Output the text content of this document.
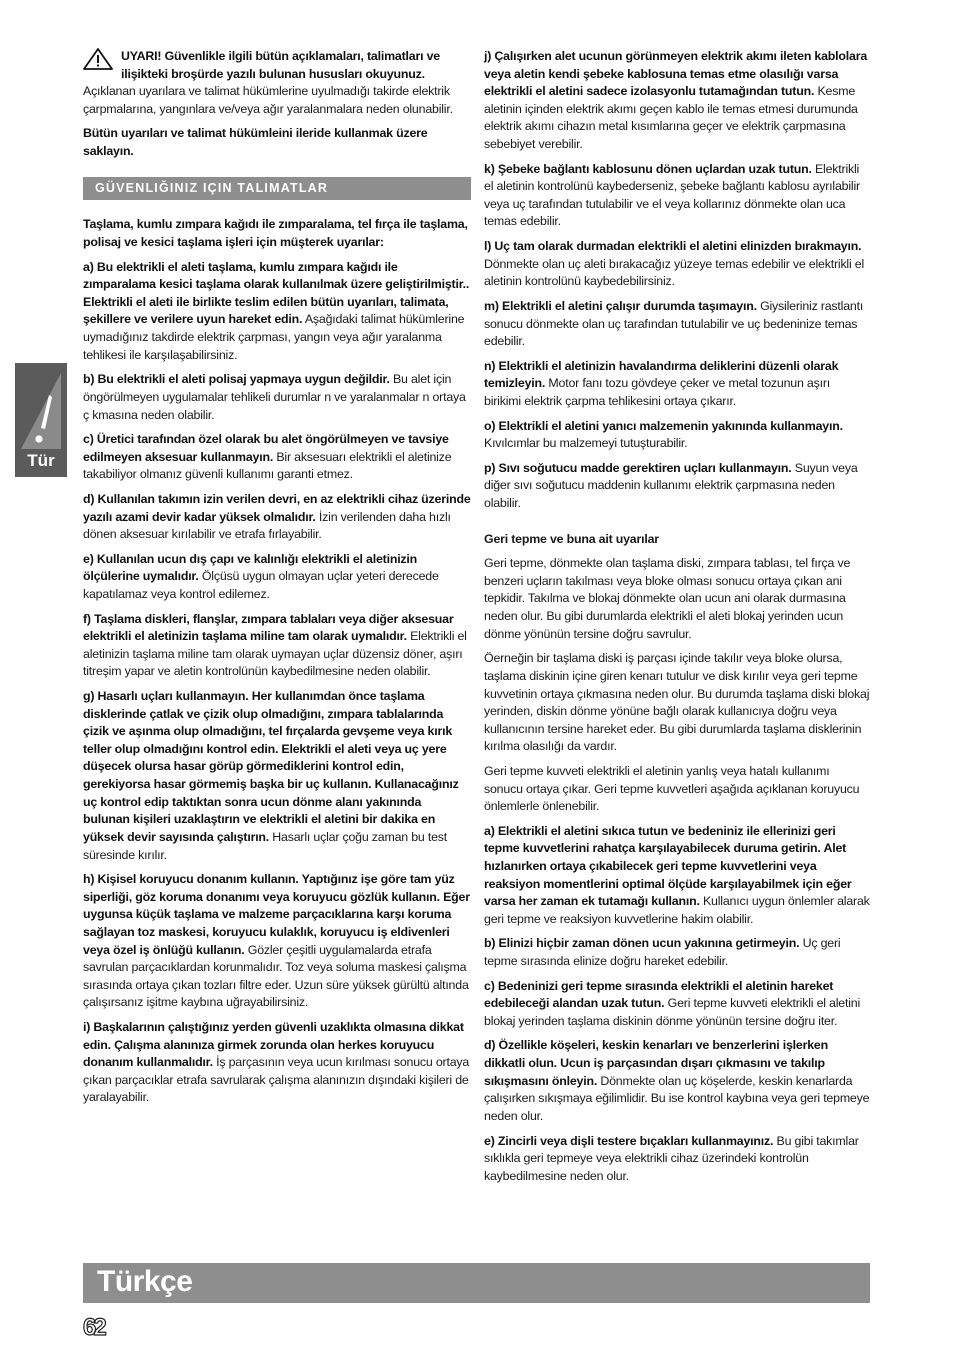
Tür

UYARI! Güvenlikle ilgili bütün açıklamaları, talimatları ve ilişikteki broşürde yazılı bulunan hususları okuyunuz.

Açıklanan uyarılara ve talimat hükümlerine uyulmadığı takirde elektrik çarpmalarına, yangınlara ve/veya ağır yaralanmalara neden olunabilir.

Bütün uyarıları ve talimat hükümleini ileride kullanmak üzere saklayın.

GÜVENLIĞINIZ IÇIN TALIMATLAR

Taşlama, kumlu zımpara kağıdı ile zımparalama, tel fırça ile taşlama, polisaj ve kesici taşlama işleri için müşterek uyarılar:

a) Bu elektrikli el aleti taşlama, kumlu zımpara kağıdı ile zımparalama kesici taşlama olarak kullanılmak üzere geliştirilmiştir.. Elektrikli el aleti ile birlikte teslim edilen bütün uyarıları, talimata, şekillere ve verilere uyun hareket edin. Aşağıdaki talimat hükümlerine uymadığınız takdirde elektrik çarpması, yangın veya ağır yaralanma tehlikesi ile karşılaşabilirsiniz.

b) Bu elektrikli el aleti polisaj yapmaya uygun değildir. Bu alet için öngörülmeyen uygulamalar tehlikeli durumlar n ve yaralanmalar n ortaya ç kmasına neden olabilir.

c) Üretici tarafından özel olarak bu alet öngörülmeyen ve tavsiye edilmeyen aksesuar kullanmayın. Bir aksesuarı elektrikli el aletinize takabiliyor olmanız güvenli kullanımı garanti etmez.

d) Kullanılan takımın izin verilen devri, en az elektrikli cihaz üzerinde yazılı azami devir kadar yüksek olmalıdır. İzin verilenden daha hızlı dönen aksesuar kırılabilir ve etrafa fırlayabilir.

e) Kullanılan ucun dış çapı ve kalınlığı elektrikli el aletinizin ölçülerine uymalıdır. Ölçüsü uygun olmayan uçlar yeteri derecede kapatılamaz veya kontrol edilemez.

f) Taşlama diskleri, flanşlar, zımpara tablaları veya diğer aksesuar elektrikli el aletinizin taşlama miline tam olarak uymalıdır. Elektrikli el aletinizin taşlama miline tam olarak uymayan uçlar düzensiz döner, aşırı titreşim yapar ve aletin kontrolünün kaybedilmesine neden olabilir.

g) Hasarlı uçları kullanmayın. Her kullanımdan önce taşlama disklerinde çatlak ve çizik olup olmadığını, zımpara tablalarında çizik ve aşınma olup olmadığını, tel fırçalarda gevşeme veya kırık teller olup olmadığını kontrol edin. Elektrikli el aleti veya uç yere düşecek olursa hasar görüp görmediklerini kontrol edin, gerekiyorsa hasar görmemiş başka bir uç kullanın. Kullanacağınız uç kontrol edip taktıktan sonra ucun dönme alanı yakınında bulunan kişileri uzaklaştırın ve elektrikli el aletini bir dakika en yüksek devir sayısında çalıştırın. Hasarlı uçlar çoğu zaman bu test süresinde kırılır.

h) Kişisel koruyucu donanım kullanın. Yaptığınız işe göre tam yüz siperliği, göz koruma donanımı veya koruyucu gözlük kullanın. Eğer uygunsa küçük taşlama ve malzeme parçacıklarına karşı koruma sağlayan toz maskesi, koruyucu kulaklık, koruyucu iş eldivenleri veya özel iş önlüğü kullanın. Gözler çeşitli uygulamalarda etrafa savrulan parçacıklardan korunmalıdır. Toz veya soluma maskesi çalışma sırasında ortaya çıkan tozları filtre eder. Uzun süre yüksek gürültü altında çalışırsanız işitme kaybına uğrayabilirsiniz.

i) Başkalarının çalıştığınız yerden güvenli uzaklıkta olmasına dikkat edin. Çalışma alanınıza girmek zorunda olan herkes koruyucu donanım kullanmalıdır. İş parçasının veya ucun kırılması sonucu ortaya çıkan parçacıklar etrafa savrularak çalışma alanınızın dışındaki kişileri de yaralayabilir.

j) Çalışırken alet ucunun görünmeyen elektrik akımı ileten kablolara veya aletin kendi şebeke kablosuna temas etme olasılığı varsa elektrikli el aletini sadece izolasyonlu tutamağından tutun. Kesme aletinin içinden elektrik akımı geçen kablo ile temas etmesi durumunda elektrik akımı cihazın metal kısımlarına geçer ve elektrik çarpmasına sebebiyet verebilir.

k) Şebeke bağlantı kablosunu dönen uçlardan uzak tutun. Elektrikli el aletinin kontrolünü kaybederseniz, şebeke bağlantı kablosu ayrılabilir veya uç tarafından tutulabilir ve el veya kollarınız dönmekte olan uca temas edebilir.

l) Uç tam olarak durmadan elektrikli el aletini elinizden bırakmayın. Dönmekte olan uç aleti bırakacağız yüzeye temas edebilir ve elektrikli el aletinin kontrolünü kaybedebilirsiniz.

m) Elektrikli el aletini çalışır durumda taşımayın. Giysileriniz rastlantı sonucu dönmekte olan uç tarafından tutulabilir ve uç bedeninize temas edebilir.

n) Elektrikli el aletinizin havalandırma deliklerini düzenli olarak temizleyin. Motor fanı tozu gövdeye çeker ve metal tozunun aşırı birikimi elektrik çarpma tehlikesini ortaya çıkarır.

o) Elektrikli el aletini yanıcı malzemenin yakınında kullanmayın. Kıvılcımlar bu malzemeyi tutuşturabilir.

p) Sıvı soğutucu madde gerektiren uçları kullanmayın. Suyun veya diğer sıvı soğutucu maddenin kullanımı elektrik çarpmasına neden olabilir.

Geri tepme ve buna ait uyarılar

Geri tepme, dönmekte olan taşlama diski, zımpara tablası, tel fırça ve benzeri uçların takılması veya bloke olması sonucu ortaya çıkan ani tepkidir. Takılma ve blokaj dönmekte olan ucun ani olarak durmasına neden olur. Bu gibi durumlarda elektrikli el aleti blokaj yerinden ucun dönme yönünün tersine doğru savrulur.

Öerneğin bir taşlama diski iş parçası içinde takılır veya bloke olursa, taşlama diskinin içine giren kenarı tutulur ve disk kırılır veya geri tepme kuvvetinin ortaya çıkmasına neden olur. Bu durumda taşlama diski blokaj yerinden, diskin dönme yönüne bağlı olarak kullanıcıya doğru veya kullanıcının tersine hareket eder. Bu gibi durumlarda taşlama disklerinin kırılma olasılığı da vardır.

Geri tepme kuvveti elektrikli el aletinin yanlış veya hatalı kullanımı sonucu ortaya çıkar. Geri tepme kuvvetleri aşağıda açıklanan koruyucu önlemlerle önlenebilir.

a) Elektrikli el aletini sıkıca tutun ve bedeniniz ile ellerinizi geri tepme kuvvetlerini rahatça karşılayabilecek duruma getirin. Alet hızlanırken ortaya çıkabilecek geri tepme kuvvetlerini veya reaksiyon momentlerini optimal ölçüde karşılayabilmek için eğer varsa her zaman ek tutamağı kullanın. Kullanıcı uygun önlemler alarak geri tepme ve reaksiyon kuvvetlerine hakim olabilir.

b) Elinizi hiçbir zaman dönen ucun yakınına getirmeyin. Uç geri tepme sırasında elinize doğru hareket edebilir.

c) Bedeninizi geri tepme sırasında elektrikli el aletinin hareket edebileceği alandan uzak tutun. Geri tepme kuvveti elektrikli el aletini blokaj yerinden taşlama diskinin dönme yönünün tersine doğru iter.

d) Özellikle köşeleri, keskin kenarları ve benzerlerini işlerken dikkatli olun. Ucun iş parçasından dışarı çıkmasını ve takılıp sıkışmasını önleyin. Dönmekte olan uç köşelerde, keskin kenarlarda çalışırken sıkışmaya eğilimlidir. Bu ise kontrol kaybına veya geri tepmeye neden olur.

e) Zincirli veya dişli testere bıçakları kullanmayınız. Bu gibi takımlar sıklıkla geri tepmeye veya elektrikli cihaz üzerindeki kontrolün kaybedilmesine neden olur.

Türkçe
62
